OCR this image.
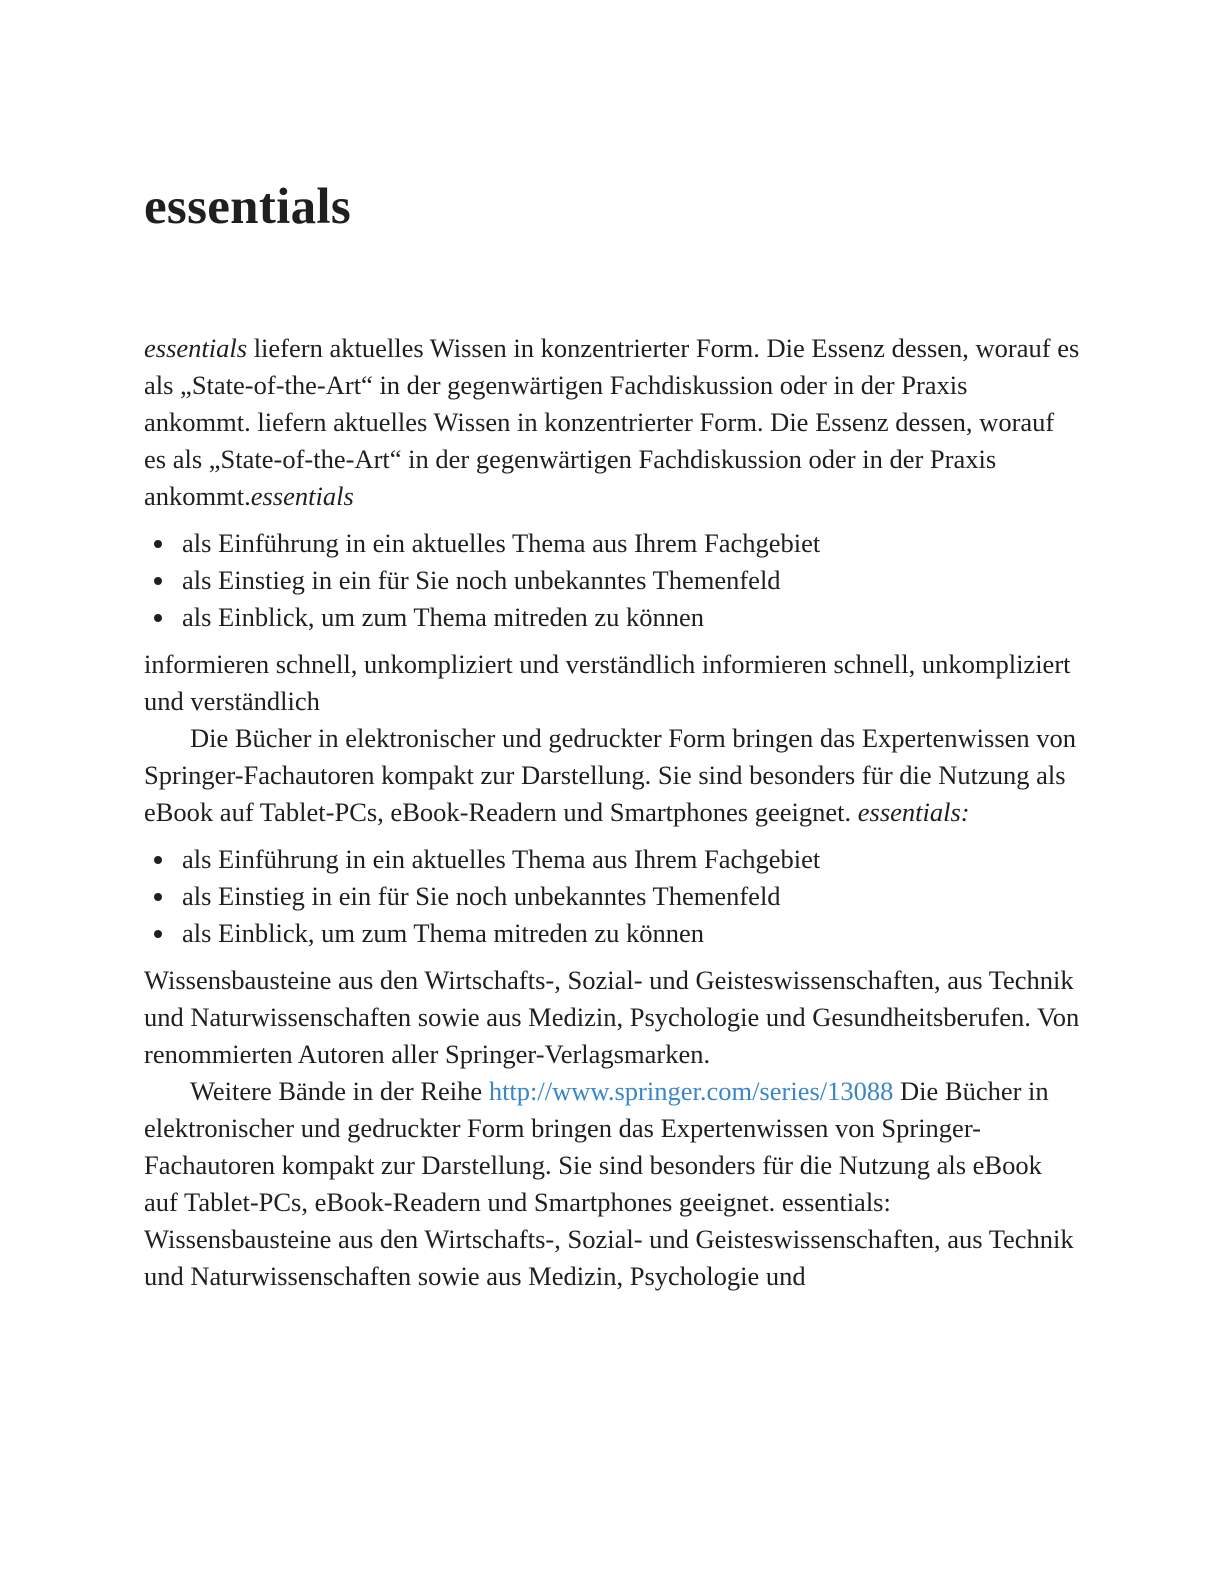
essentials

essentials liefern aktuelles Wissen in konzentrierter Form. Die Essenz dessen, worauf es als „State-of-the-Art“ in der gegenwärtigen Fachdiskussion oder in der Praxis ankommt. liefern aktuelles Wissen in konzentrierter Form. Die Essenz dessen, worauf es als „State-of-the-Art“ in der gegenwärtigen Fachdiskussion oder in der Praxis ankommt.essentials

• als Einführung in ein aktuelles Thema aus Ihrem Fachgebiet
• als Einstieg in ein für Sie noch unbekanntes Themenfeld
• als Einblick, um zum Thema mitreden zu können

informieren schnell, unkompliziert und verständlich informieren schnell, unkompliziert und verständlich

Die Bücher in elektronischer und gedruckter Form bringen das Expertenwissen von Springer-Fachautoren kompakt zur Darstellung. Sie sind besonders für die Nutzung als eBook auf Tablet-PCs, eBook-Readern und Smartphones geeignet. essentials:

• als Einführung in ein aktuelles Thema aus Ihrem Fachgebiet
• als Einstieg in ein für Sie noch unbekanntes Themenfeld
• als Einblick, um zum Thema mitreden zu können

Wissensbausteine aus den Wirtschafts-, Sozial- und Geisteswissenschaften, aus Technik und Naturwissenschaften sowie aus Medizin, Psychologie und Gesundheitsberufen. Von renommierten Autoren aller Springer-Verlagsmarken.

Weitere Bände in der Reihe http://www.springer.com/series/13088 Die Bücher in elektronischer und gedruckter Form bringen das Expertenwissen von Springer-Fachautoren kompakt zur Darstellung. Sie sind besonders für die Nutzung als eBook auf Tablet-PCs, eBook-Readern und Smartphones geeignet. essentials: Wissensbausteine aus den Wirtschafts-, Sozial- und Geisteswissenschaften, aus Technik und Naturwissenschaften sowie aus Medizin, Psychologie und
